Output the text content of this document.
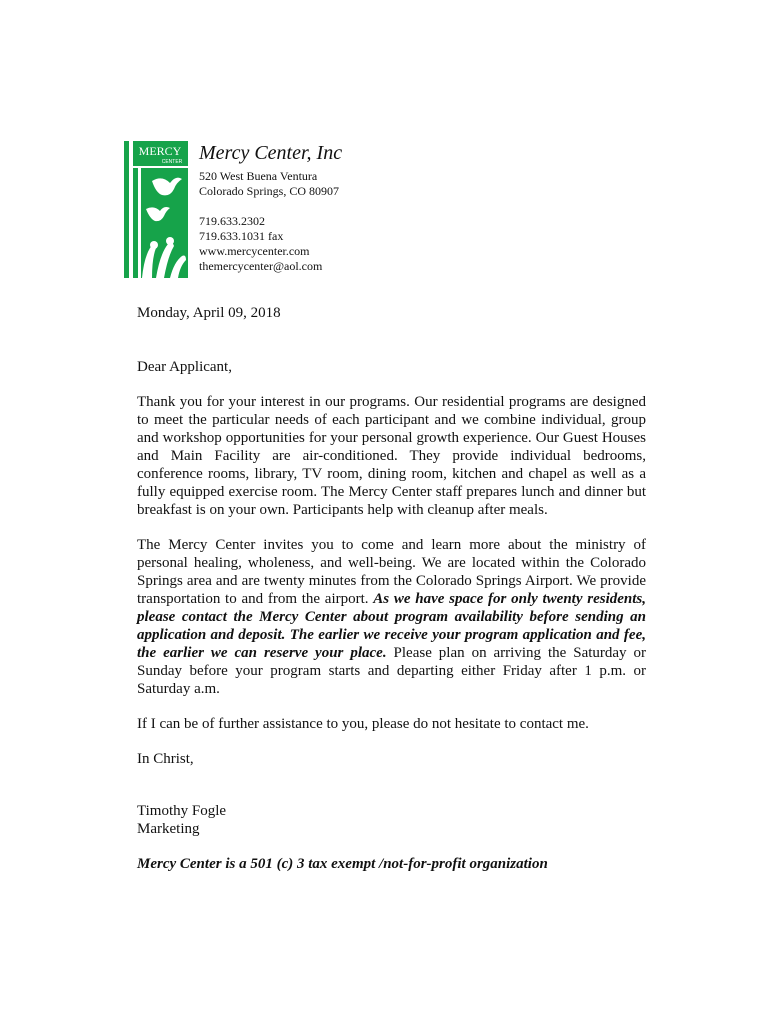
MERCY
CENTER Mercy Center, Inc
520 West Buena Ventura
Colorado Springs, CO 80907
719.633.2302
719.633.1031 fax
www.mercycenter.com
themercycenter@aol.com
Monday, April 09, 2018
Dear Applicant,

Thank you for your interest in our programs. Our residential programs are designed to meet the particular needs of each participant and we combine individual, group and workshop opportunities for your personal growth experience. Our Guest Houses and Main Facility are air-conditioned. They provide individual bedrooms, conference rooms, library, TV room, dining room, kitchen and chapel as well as a fully equipped exercise room. The Mercy Center staff prepares lunch and dinner but breakfast is on your own. Participants help with cleanup after meals.

The Mercy Center invites you to come and learn more about the ministry of personal healing, wholeness, and well-being. We are located within the Colorado Springs area and are twenty minutes from the Colorado Springs Airport. We provide transportation to and from the airport. As we have space for only twenty residents, please contact the Mercy Center about program availability before sending an application and deposit. The earlier we receive your program application and fee, the earlier we can reserve your place. Please plan on arriving the Saturday or Sunday before your program starts and departing either Friday after 1 p.m. or Saturday a.m.

If I can be of further assistance to you, please do not hesitate to contact me.

In Christ,
Timothy Fogle
Marketing
Mercy Center is a 501 (c) 3 tax exempt /not-for-profit organization
